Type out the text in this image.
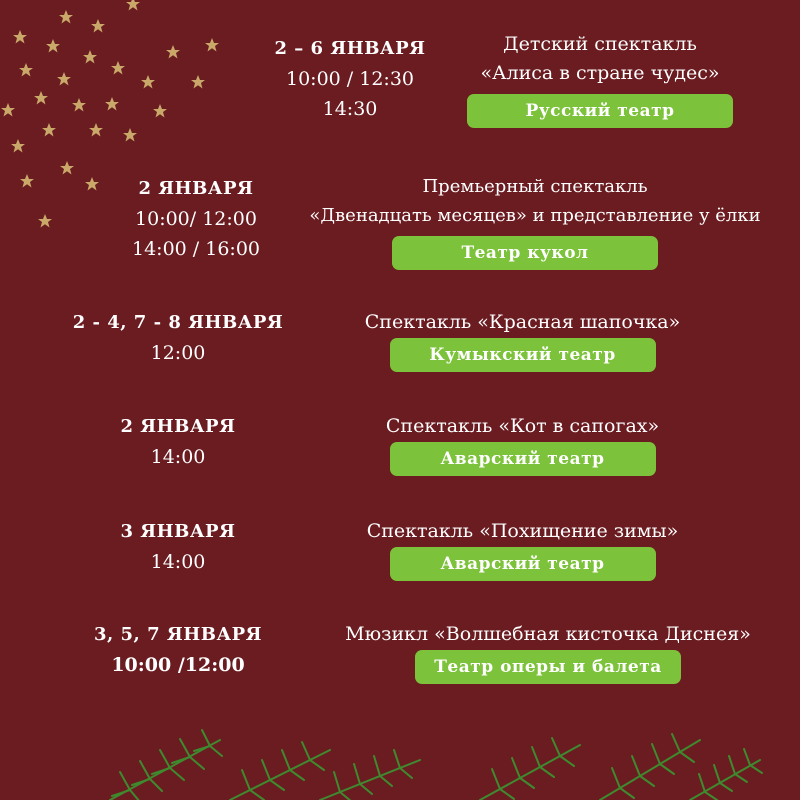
2 – 6 ЯНВАРЯ
10:00 / 12:30
14:30
Детский спектакль
«Алиса в стране чудес»
Русский театр
2 ЯНВАРЯ
10:00/ 12:00
14:00 / 16:00
Премьерный спектакль
«Двенадцать месяцев» и представление у ёлки
Театр кукол
2 - 4, 7 - 8 ЯНВАРЯ
12:00
Спектакль «Красная шапочка»
Кумыкский театр
2 ЯНВАРЯ
14:00
Спектакль «Кот в сапогах»
Аварский театр
3 ЯНВАРЯ
14:00
Спектакль «Похищение зимы»
Аварский театр
3, 5, 7 ЯНВАРЯ
10:00 /12:00
Мюзикл «Волшебная кисточка Диснея»
Театр оперы и балета
